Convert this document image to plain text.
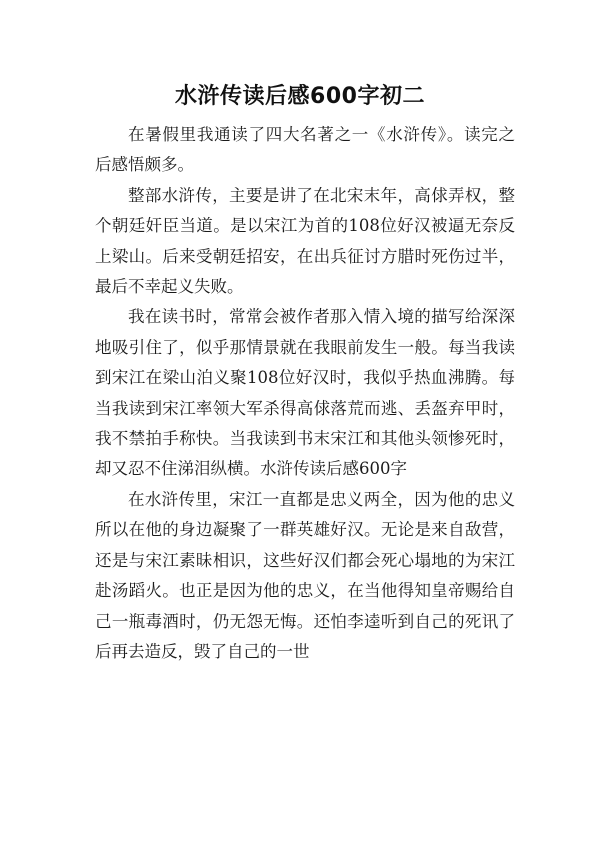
水浒传读后感600字初二

在暑假里我通读了四大名著之一《水浒传》。读完之后感悟颇多。

整部水浒传，主要是讲了在北宋末年，高俅弄权，整个朝廷奸臣当道。是以宋江为首的108位好汉被逼无奈反上梁山。后来受朝廷招安，在出兵征讨方腊时死伤过半，最后不幸起义失败。

我在读书时，常常会被作者那入情入境的描写给深深地吸引住了，似乎那情景就在我眼前发生一般。每当我读到宋江在梁山泊义聚108位好汉时，我似乎热血沸腾。每当我读到宋江率领大军杀得高俅落荒而逃、丢盔弃甲时，我不禁拍手称快。当我读到书末宋江和其他头领惨死时，却又忍不住涕泪纵横。水浒传读后感600字

在水浒传里，宋江一直都是忠义两全，因为他的忠义所以在他的身边凝聚了一群英雄好汉。无论是来自敌营，还是与宋江素昧相识，这些好汉们都会死心塌地的为宋江赴汤蹈火。也正是因为他的忠义，在当他得知皇帝赐给自己一瓶毒酒时，仍无怨无悔。还怕李逵听到自己的死讯了后再去造反，毁了自己的一世
